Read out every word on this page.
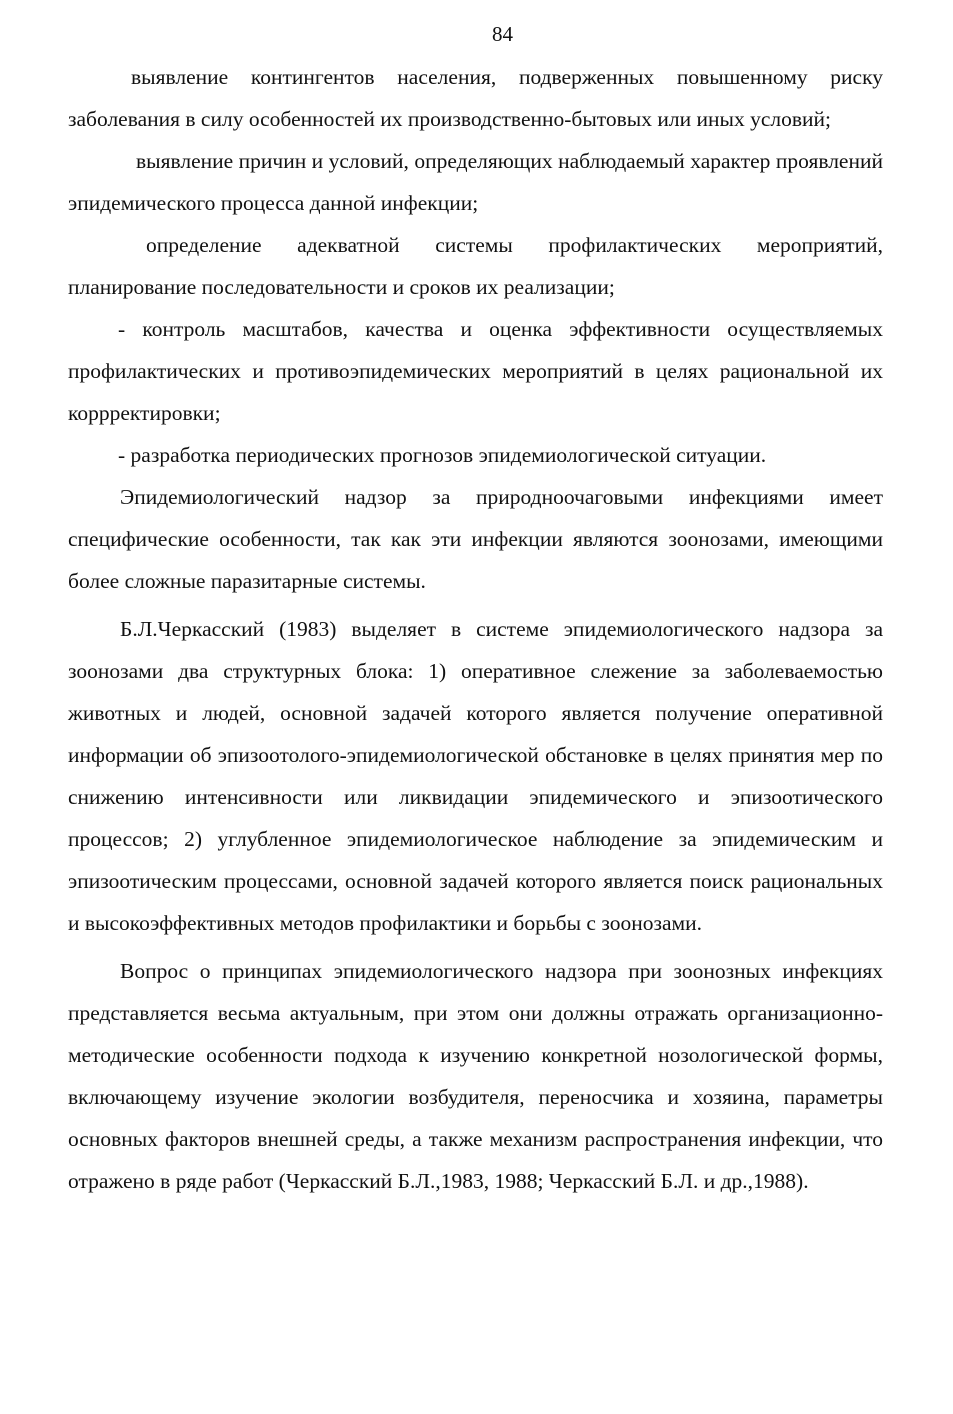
84

выявление контингентов населения, подверженных повышенному риску заболевания в силу особенностей их производственно-бытовых или иных условий;

выявление причин и условий, определяющих наблюдаемый характер проявлений эпидемического процесса данной инфекции;

определение адекватной системы профилактических мероприятий, планирование последовательности и сроков их реализации;

- контроль масштабов, качества и оценка эффективности осуществляемых профилактических и противоэпидемических мероприятий в целях рациональной их коррректировки;

- разработка периодических прогнозов эпидемиологической ситуации.

Эпидемиологический надзор за природноочаговыми инфекциями имеет специфические особенности, так как эти инфекции являются зоонозами, имеющими более сложные паразитарные системы.

Б.Л.Черкасский (1983) выделяет в системе эпидемиологического надзора за зоонозами два структурных блока: 1) оперативное слежение за заболеваемостью животных и людей, основной задачей которого является получение оперативной информации об эпизоотолого-эпидемиологической обстановке в целях принятия мер по снижению интенсивности или ликвидации эпидемического и эпизоотического процессов; 2) углубленное эпидемиологическое наблюдение за эпидемическим и эпизоотическим процессами, основной задачей которого является поиск рациональных и высокоэффективных методов профилактики и борьбы с зоонозами.

Вопрос о принципах эпидемиологического надзора при зоонозных инфекциях представляется весьма актуальным, при этом они должны отражать организационно-методические особенности подхода к изучению конкретной нозологической формы, включающему изучение экологии возбудителя, переносчика и хозяина, параметры основных факторов внешней среды, а также механизм распространения инфекции, что отражено в ряде работ (Черкасский Б.Л.,1983, 1988; Черкасский Б.Л. и др.,1988).
